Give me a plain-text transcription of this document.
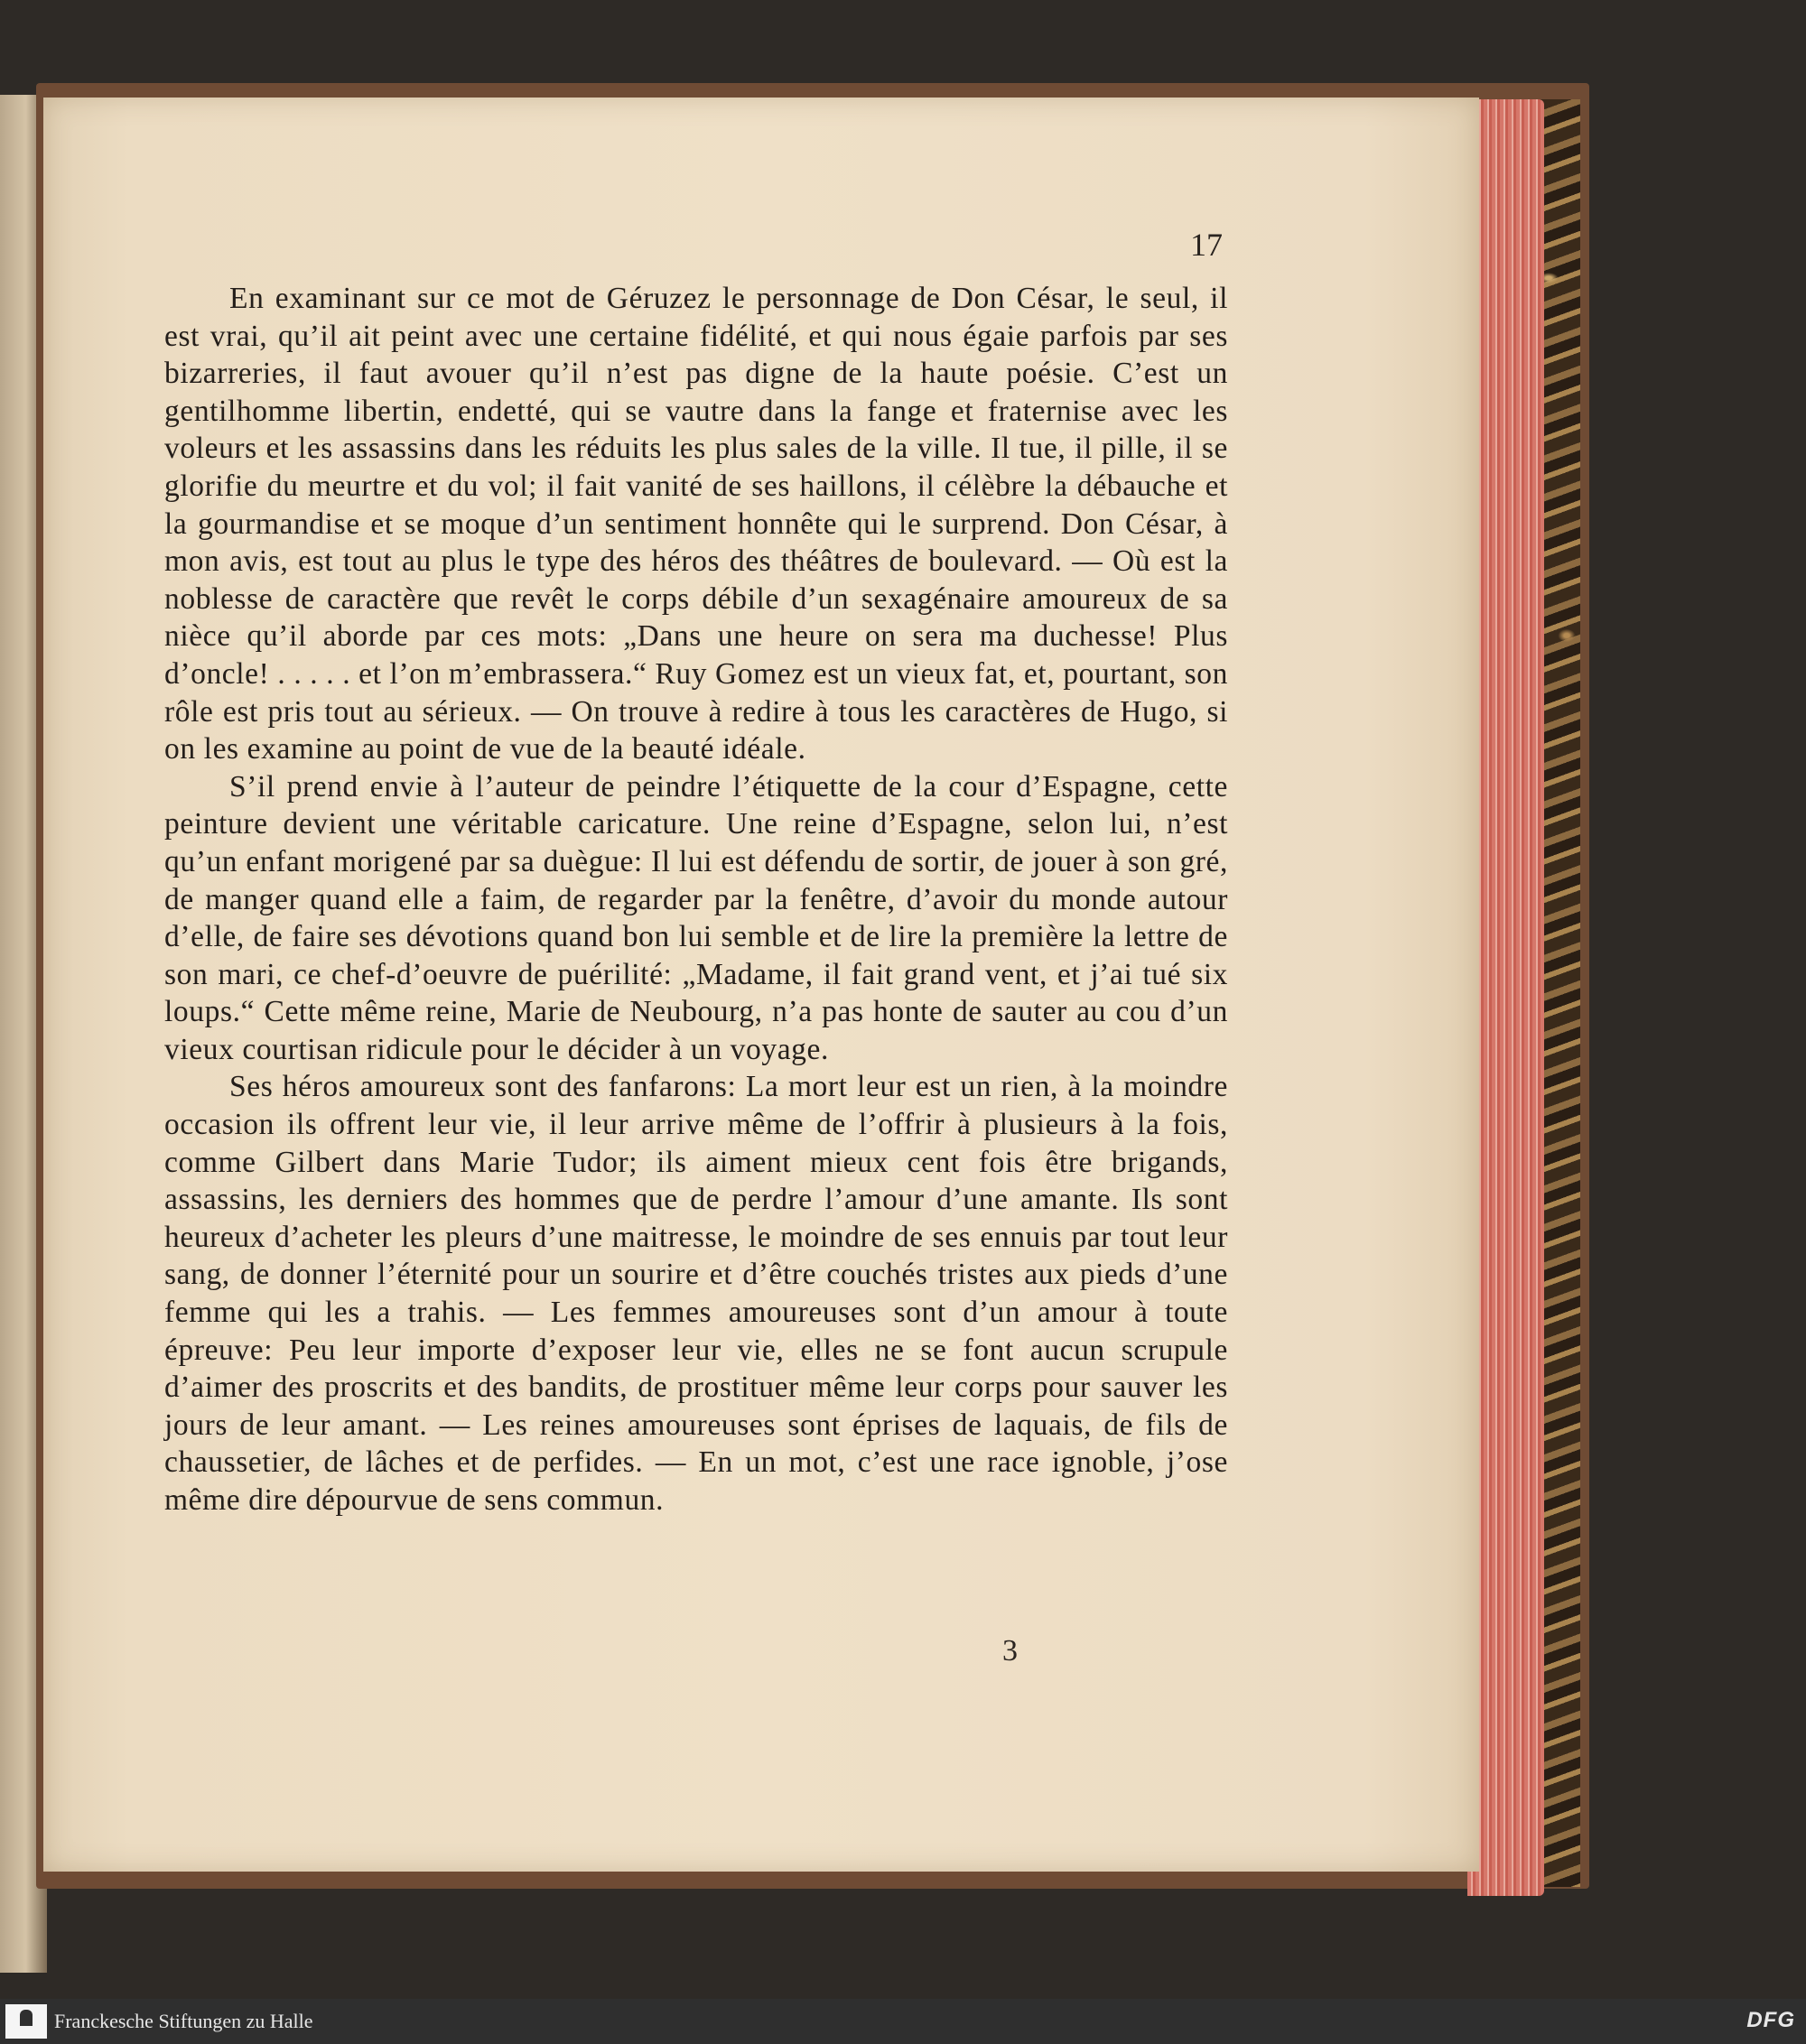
17

En examinant sur ce mot de Géruzez le personnage de Don César, le seul, il est vrai, qu’il ait peint avec une certaine fidélité, et qui nous égaie parfois par ses bizarreries, il faut avouer qu’il n’est pas digne de la haute poésie. C’est un gentilhomme libertin, endetté, qui se vautre dans la fange et fraternise avec les voleurs et les assassins dans les réduits les plus sales de la ville. Il tue, il pille, il se glorifie du meurtre et du vol; il fait vanité de ses haillons, il célèbre la débauche et la gourmandise et se moque d’un sentiment honnête qui le surprend. Don César, à mon avis, est tout au plus le type des héros des théâtres de boulevard. — Où est la noblesse de caractère que revêt le corps débile d’un sexagénaire amoureux de sa nièce qu’il aborde par ces mots: „Dans une heure on sera ma duchesse! Plus d’oncle! . . . . . et l’on m’embrassera.“ Ruy Gomez est un vieux fat, et, pourtant, son rôle est pris tout au sérieux. — On trouve à redire à tous les caractères de Hugo, si on les examine au point de vue de la beauté idéale.

S’il prend envie à l’auteur de peindre l’étiquette de la cour d’Espagne, cette peinture devient une véritable caricature. Une reine d’Espagne, selon lui, n’est qu’un enfant morigené par sa duègue: Il lui est défendu de sortir, de jouer à son gré, de manger quand elle a faim, de regarder par la fenêtre, d’avoir du monde autour d’elle, de faire ses dévotions quand bon lui semble et de lire la première la lettre de son mari, ce chef-d’oeuvre de puérilité: „Madame, il fait grand vent, et j’ai tué six loups.“ Cette même reine, Marie de Neubourg, n’a pas honte de sauter au cou d’un vieux courtisan ridicule pour le décider à un voyage.

Ses héros amoureux sont des fanfarons: La mort leur est un rien, à la moindre occasion ils offrent leur vie, il leur arrive même de l’offrir à plusieurs à la fois, comme Gilbert dans Marie Tudor; ils aiment mieux cent fois être brigands, assassins, les derniers des hommes que de perdre l’amour d’une amante. Ils sont heureux d’acheter les pleurs d’une maitresse, le moindre de ses ennuis par tout leur sang, de donner l’éternité pour un sourire et d’être couchés tristes aux pieds d’une femme qui les a trahis. — Les femmes amoureuses sont d’un amour à toute épreuve: Peu leur importe d’exposer leur vie, elles ne se font aucun scrupule d’aimer des proscrits et des bandits, de prostituer même leur corps pour sauver les jours de leur amant. — Les reines amoureuses sont éprises de laquais, de fils de chaussetier, de lâches et de perfides. — En un mot, c’est une race ignoble, j’ose même dire dépourvue de sens commun.

3
Franckesche Stiftungen zu Halle	DFG
